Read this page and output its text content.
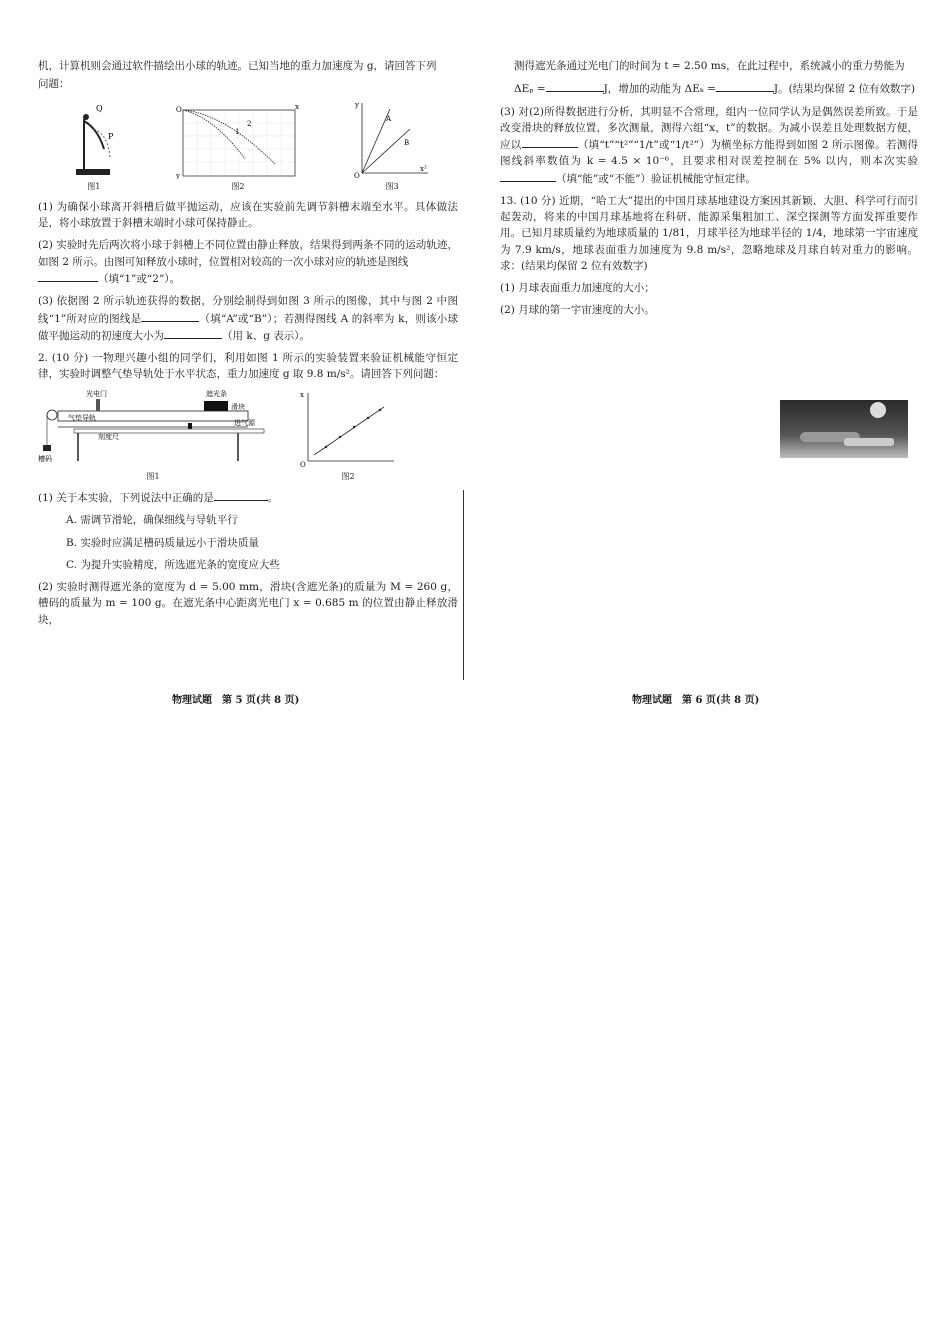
机，计算机则会通过软件描绘出小球的轨迹。已知当地的重力加速度为 g，请回答下列

问题：

Q
P
图1
O	x
y
1
2
图2
y
A
B
O
x²
图3

(1) 为确保小球离开斜槽后做平抛运动，应该在实验前先调节斜槽末端至水平。具体做法是，将小球放置于斜槽末端时小球可保持静止。

(2) 实验时先后两次将小球于斜槽上不同位置由静止释放，结果得到两条不同的运动轨迹，如图 2 所示。由图可知释放小球时，位置相对较高的一次小球对应的轨迹是图线
（填“1”或“2”）。

(3) 依据图 2 所示轨迹获得的数据，分别绘制得到如图 3 所示的图像，其中与图 2 中图线“1”所对应的图线是	（填“A”或“B”）；若测得图线 A 的斜率为 k，则该小球做平抛运动的初速度大小为	（用 k、g 表示）。

2. (10 分) 一物理兴趣小组的同学们，利用如图 1 所示的实验装置来验证机械能守恒定律，实验时调整气垫导轨处于水平状态，重力加速度 g 取 9.8 m/s²。请回答下列问题：

光电门	遮光条
滑块
气垫导轨
刻度尺
进气源
槽码
图1
x
O
图2

(1) 关于本实验，下列说法中正确的是	。

A. 需调节滑轮，确保细线与导轨平行

B. 实验时应满足槽码质量远小于滑块质量

C. 为提升实验精度，所选遮光条的宽度应大些

(2) 实验时测得遮光条的宽度为 d = 5.00 mm，滑块(含遮光条)的质量为 M = 260 g，槽码的质量为 m = 100 g。在遮光条中心距离光电门 x = 0.685 m 的位置由静止释放滑块，

测得遮光条通过光电门的时间为 t = 2.50 ms，在此过程中，系统减小的重力势能为

ΔEₚ =	J，增加的动能为 ΔEₖ =	J。(结果均保留 2 位有效数字)

(3) 对(2)所得数据进行分析，其明显不合常理，组内一位同学认为是偶然误差所致。于是改变滑块的释放位置，多次测量，测得六组“x，t”的数据。为减小误差且处理数据方便，应以	（填“t”“t²”“1/t”或“1/t²”）为横坐标方能得到如图 2 所示图像。若测得图线斜率数值为 k = 4.5 × 10⁻⁶，且要求相对误差控制在 5% 以内，则本次实验（填“能”或“不能”）验证机械能守恒定律。

13. (10 分) 近期，“哈工大”提出的中国月球基地建设方案因其新颖、大胆、科学可行而引起轰动，将来的中国月球基地将在科研、能源采集粗加工、深空探测等方面发挥重要作用。已知月球质量约为地球质量的 1/81，月球半径为地球半径的 1/4，地球第一宇宙速度为 7.9 km/s，地球表面重力加速度为 9.8 m/s²，忽略地球及月球自转对重力的影响。求：(结果均保留 2 位有效数字)

(1) 月球表面重力加速度的大小；

(2) 月球的第一宇宙速度的大小。

物理试题　第 5 页(共 8 页)	物理试题　第 6 页(共 8 页)
